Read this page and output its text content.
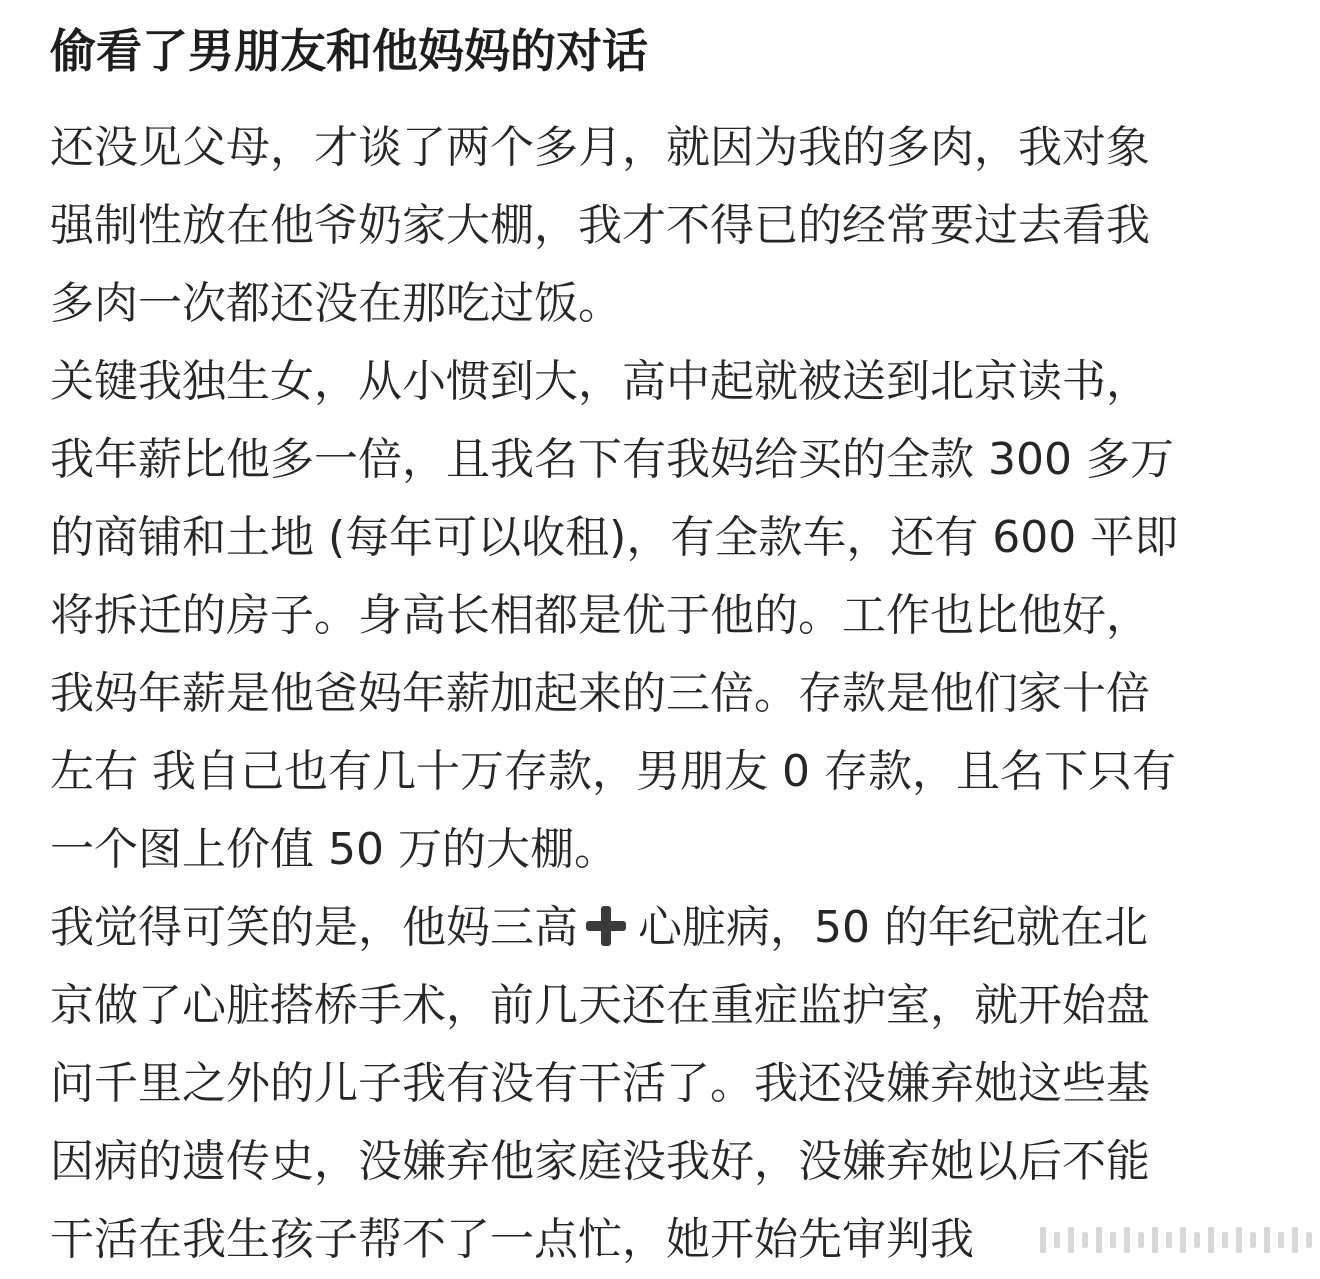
偷看了男朋友和他妈妈的对话
还没见父母，才谈了两个多月，就因为我的多肉，我对象
强制性放在他爷奶家大棚，我才不得已的经常要过去看我
多肉一次都还没在那吃过饭。
关键我独生女，从小惯到大，高中起就被送到北京读书，
我年薪比他多一倍，且我名下有我妈给买的全款 300 多万
的商铺和土地 (每年可以收租)，有全款车，还有 600 平即
将拆迁的房子。身高长相都是优于他的。工作也比他好，
我妈年薪是他爸妈年薪加起来的三倍。存款是他们家十倍
左右 我自己也有几十万存款，男朋友 0 存款，且名下只有
一个图上价值 50 万的大棚。
我觉得可笑的是，他妈三高 心脏病，50 的年纪就在北
京做了心脏搭桥手术，前几天还在重症监护室，就开始盘
问千里之外的儿子我有没有干活了。我还没嫌弃她这些基
因病的遗传史，没嫌弃他家庭没我好，没嫌弃她以后不能
干活在我生孩子帮不了一点忙，她开始先审判我
